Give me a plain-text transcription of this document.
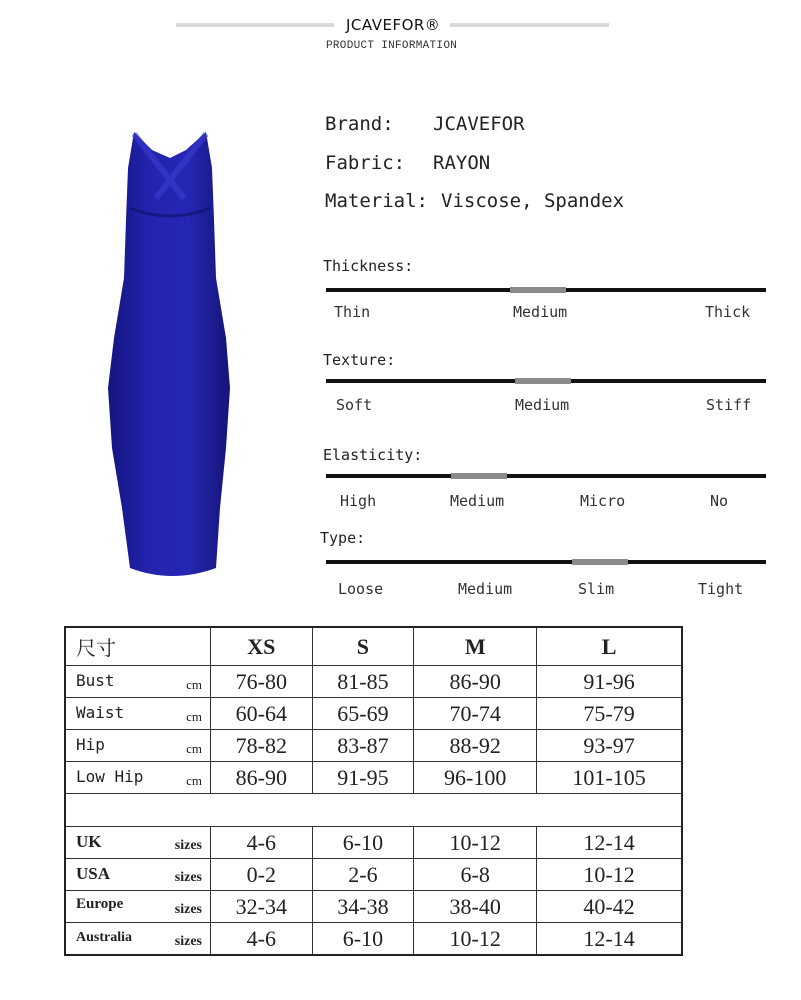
JCAVEFOR®
PRODUCT INFORMATION
Brand: JCAVEFOR
Fabric: RAYON
Material: Viscose, Spandex
Thickness:
Thin	Medium	Thick
Texture:
Soft	Medium	Stiff
Elasticity:
High	Medium	Micro	No
Type:
Loose	Medium	Slim	Tight
尺寸	XS	S	M	L

Bust cm	76-80	81-85	86-90	91-96

Waist cm	60-64	65-69	70-74	75-79

Hip cm	78-82	83-87	88-92	93-97

Low Hip cm	86-90	91-95	96-100	101-105

UK sizes	4-6	6-10	10-12	12-14

USA sizes	0-2	2-6	6-8	10-12

Europe sizes	32-34	34-38	38-40	40-42

Australia sizes	4-6	6-10	10-12	12-14
